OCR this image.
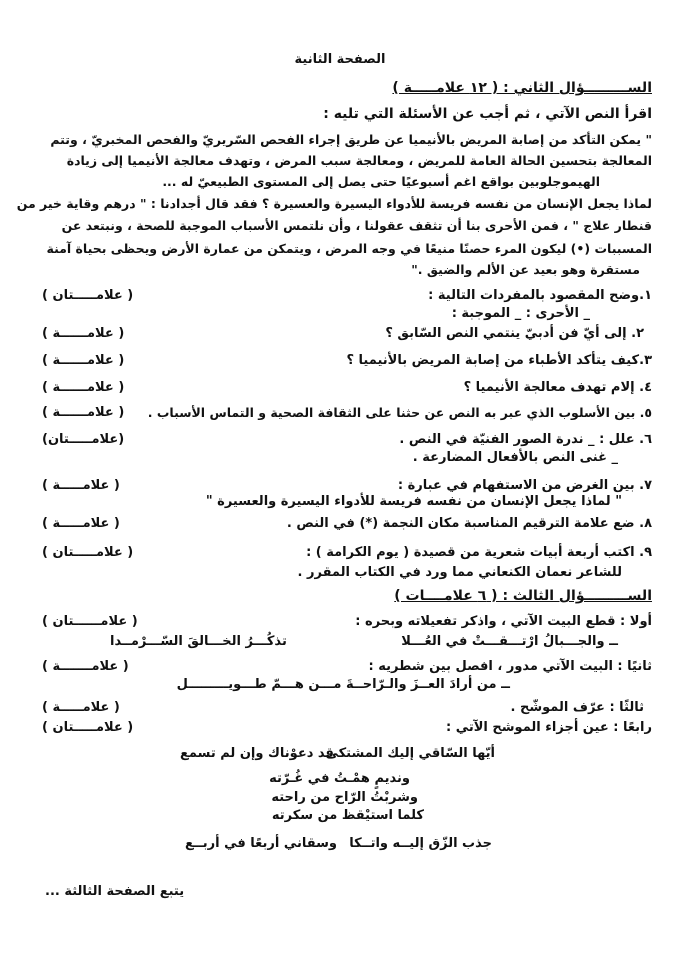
الصفحة الثانية
الســـــــــؤال الثاني : ( ١٢ علامـــــة )
اقرأ النص الآتي ، ثم أجب عن الأسئلة التي تليه :
" يمكن التأكد من إصابة المريض بالأنيميا عن طريق إجراء الفحص السّريريّ والفحص المخبريّ ، وتتم
المعالجة بتحسين الحالة العامة للمريض ، ومعالجة سبب المرض ، وتهدف معالجة الأنيميا إلى زيادة
الهيموجلوبين بواقع اغم أسبوعيًا حتى يصل إلى المستوى الطبيعيّ له ...
لماذا يجعل الإنسان من نفسه فريسة للأدواء اليسيرة والعسيرة ؟ فقد قال أجدادنا : " درهم وقاية خير من
قنطار علاج " ، فمن الأحرى بنا أن تثقف عقولنا ، وأن نلتمس الأسباب الموجبة للصحة ، ونبتعد عن
المسببات (•) ليكون المرء حصنًا منيعًا في وجه المرض ، ويتمكن من عمارة الأرض ويحظى بحياة آمنة
مستقرة وهو بعيد عن الألم والضيق ."
١.وضح المقصود بالمفردات التالية :
( علامـــــتان )
_ الأحرى : _ الموجبة :
٢. إلى أيّ فن أدبيّ ينتمي النص السّابق ؟
( علامــــــة )
٣.كيف يتأكد الأطباء من إصابة المريض بالأنيميا ؟
( علامــــــة )
٤. إلام تهدف معالجة الأنيميا ؟
( علامــــــة )
٥. بين الأسلوب الذي عبر به النص عن حثنا على الثقافة الصحية و التماس الأسباب .
( علامــــــة )
٦. علل : _ ندرة الصور الفنيّة في النص .
(علامـــــتان)
_ غنى النص بالأفعال المضارعة .
٧. بين الغرض من الاستفهام في عبارة :
( علامـــــة )
" لماذا يجعل الإنسان من نفسه فريسة للأدواء اليسيرة والعسيرة "
٨. ضع علامة الترقيم المناسبة مكان النجمة (*) في النص .
( علامـــــة )
٩. اكتب أربعة أبيات شعرية من قصيدة ( يوم الكرامة ) :
( علامـــــتان )
للشاعر نعمان الكنعاني مما ورد في الكتاب المقرر .
الســـــــــؤال الثالث : ( ٦ علامــــات )
أولا : قطع البيت الآتي ، واذكر تفعيلاته وبحره :
( علامــــــتان )
ــ والجـــبالُ ارْتـــقـــتْ في العُـــلا
تذكُـــرُ الخـــالقَ السّـــرْمــدا
ثانيًا : البيت الآتي مدور ، افصل بين شطريه :
( علامـــــــة )
ــ من أرادَ العــزَ والـرّاحــةَ مـــن هـــمّ طـــويـــــــــل
ثالثًا : عرّف الموشّح .
( علامـــــة )
رابعًا : عين أجزاء الموشح الآتي :
( علامـــــتان )
أيّها السّاقي إليك المشتكى
قد دعوْناك وإن لم تسمع
ونديمٍ همْـتُ في غُـرّته
وشربْتُ الرّاح من راحته
كلما استيْقظ من سكرته
جذب الزّق إليــه واتــكا
وسقاني أربعًا في أربــع
يتبع الصفحة الثالثة ...
